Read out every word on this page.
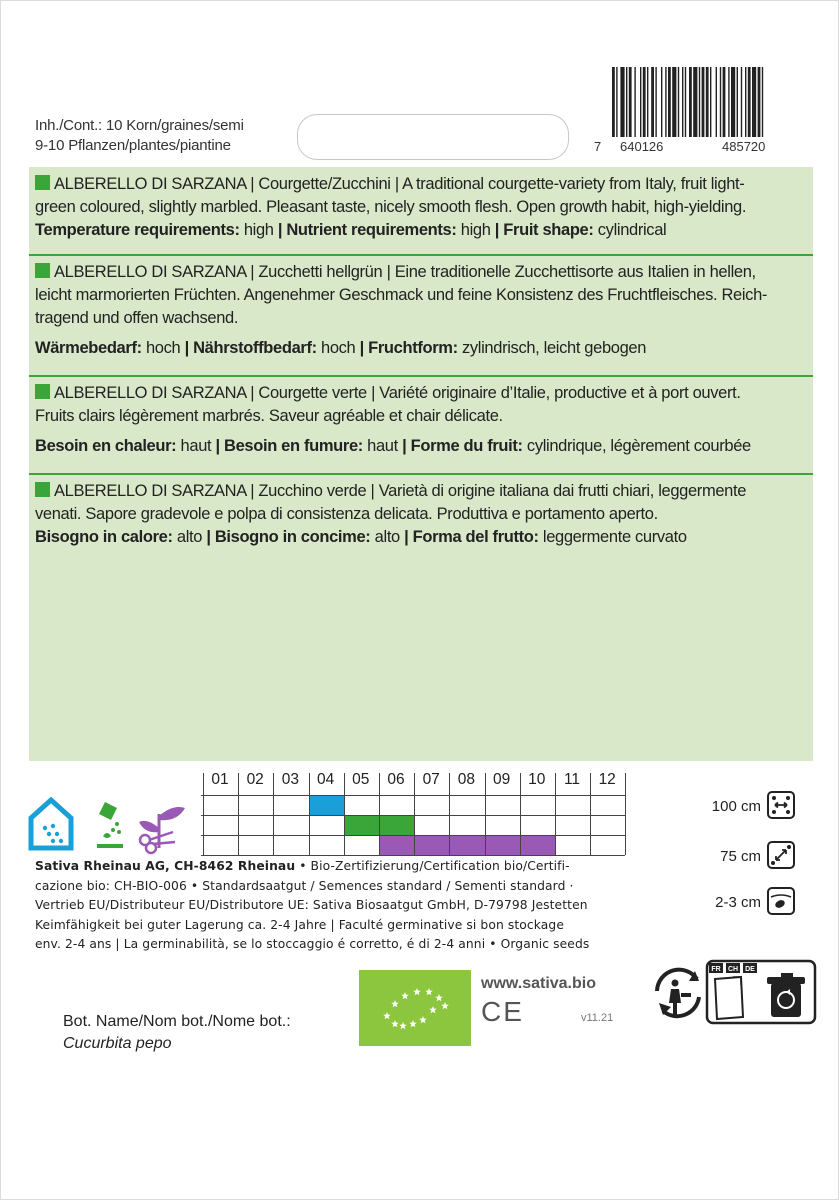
Inh./Cont.: 10 Korn/graines/semi
9-10 Pflanzen/plantes/piantine	7 640126	485720
ALBERELLO DI SARZANA | Courgette/Zucchini | A traditional courgette-variety from Italy, fruit light-
green coloured, slightly marbled. Pleasant taste, nicely smooth flesh. Open growth habit, high-yielding.
Temperature requirements: high | Nutrient requirements: high | Fruit shape: cylindrical
ALBERELLO DI SARZANA | Zucchetti hellgrün | Eine traditionelle Zucchettisorte aus Italien in hellen,
leicht marmorierten Früchten. Angenehmer Geschmack und feine Konsistenz des Fruchtfleisches. Reich-
tragend und offen wachsend.
Wärmebedarf: hoch | Nährstoffbedarf: hoch | Fruchtform: zylindrisch, leicht gebogen
ALBERELLO DI SARZANA | Courgette verte | Variété originaire d’Italie, productive et à port ouvert.
Fruits clairs légèrement marbrés. Saveur agréable et chair délicate.
Besoin en chaleur: haut | Besoin en fumure: haut | Forme du fruit: cylindrique, légèrement courbée
ALBERELLO DI SARZANA | Zucchino verde | Varietà di origine italiana dai frutti chiari, leggermente
venati. Sapore gradevole e polpa di consistenza delicata. Produttiva e portamento aperto.
Bisogno in calore: alto | Bisogno in concime: alto | Forma del frutto: leggermente curvato
01	02	03	04	05	06	07	08	09	10	11	12
100 cm
75 cm
2-3 cm
Sativa Rheinau AG, CH-8462 Rheinau • Bio-Zertifizierung/Certification bio/Certifi-
cazione bio: CH-BIO-006 • Standardsaatgut / Semences standard / Sementi standard ·
Vertrieb EU/Distributeur EU/Distributore UE: Sativa Biosaatgut GmbH, D-79798 Jestetten
Keimfähigkeit bei guter Lagerung ca. 2-4 Jahre | Faculté germinative si bon stockage
env. 2-4 ans | La germinabilità, se lo stoccaggio é corretto, é di 2-4 anni • Organic seeds
www.sativa.bio
CE	v11.21
FR CH DE
Bot. Name/Nom bot./Nome bot.:
Cucurbita pepo
